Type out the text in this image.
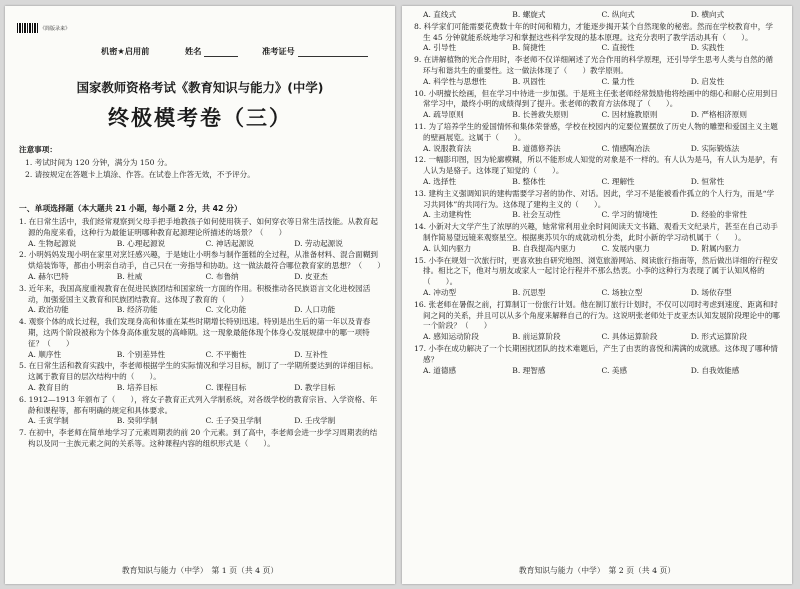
《简版录来》
机密★启用前	姓名	准考证号
国家教师资格考试《教育知识与能力》(中学)
终极模考卷（三）
注意事项：

1. 考试时间为 120 分钟，满分为 150 分。

2. 请按规定在答题卡上填涂、作答。在试卷上作答无效，不予评分。

一、单项选择题（本大题共 21 小题，每小题 2 分，共 42 分）

1. 在日常生活中，我们经常观察到父母手把手地教孩子如何使用筷子、如何穿衣等日常生活技能。从教育起源的角度来看，这种行为最能证明哪种教育起源理论所描述的场景？（　　）

A. 生物起源说	B. 心理起源说	C. 神话起源说	D. 劳动起源说

2. 小明妈妈发现小明在家里对烹饪感兴趣，于是她让小明参与制作蛋糕的全过程，从准备材料、混合面糊到烘焙装饰等，都由小明亲自动手，自己只在一旁指导和协助。这一做法最符合哪位教育家的思想？（　　）

A. 赫尔巴特	B. 杜威	C. 布鲁纳	D. 皮亚杰

3. 近年来，我国高度重视教育在促进民族团结和国家统一方面的作用。积极推动各民族语言文化进校园活动，加强爱国主义教育和民族团结教育。这体现了教育的（　　）

A. 政治功能	B. 经济功能	C. 文化功能	D. 人口功能

4. 观察个体的成长过程，我们发现身高和体重在某些时期增长特别迅速。特别是出生后的第一年以及青春期，这两个阶段被称为个体身高体重发展的高峰期。这一现象最能体现个体身心发展规律中的哪一项特征？（　　）

A. 顺序性	B. 个别差异性	C. 不平衡性	D. 互补性

5. 在日常生活和教育实践中，李老师根据学生的实际情况和学习目标，制订了一学期所要达到的详细目标。这属于教育目的层次结构中的（　　）。

A. 教育目的	B. 培养目标	C. 课程目标	D. 教学目标

6. 1912—1913 年颁布了（　　），将女子教育正式列入学制系统，对各级学校的教育宗旨、入学资格、年龄和课程等，都有明确的规定和具体要求。

A. 壬寅学制	B. 癸卯学制	C. 壬子癸丑学制	D. 壬戌学制

7. 在初中，李老师在简单地学习了元素周期表的前 20 个元素。到了高中，李老师会进一步学习周期表的结构以及同一主族元素之间的关系等。这种课程内容的组织形式是（　　）。

教育知识与能力（中学）　第 1 页（共 4 页）
A. 直线式	B. 螺旋式	C. 纵向式	D. 横向式

8. 科学家们可能需要花费数十年的时间和精力，才能逐步揭开某个自然现象的秘密。然而在学校教育中，学生 45 分钟就能系统地学习和掌握这些科学发现的基本原理。这充分表明了教学活动具有（　　）。

A. 引导性	B. 简捷性	C. 直接性	D. 实践性

9. 在讲解植物的光合作用时，李老师不仅详细阐述了光合作用的科学原理，还引导学生思考人类与自然的循环与和谐共生的重要性。这一做法体现了（　　）教学原则。

A. 科学性与思想性	B. 巩固性	C. 量力性	D. 启发性

10. 小明擅长绘画，但在学习中待进一步加强。于是班主任张老师经常鼓励他将绘画中的细心和耐心应用到日常学习中，最终小明的成绩得到了提升。张老师的教育方法体现了（　　）。

A. 疏导原则	B. 长善救失原则	C. 因材施教原则	D. 严格相济原则

11. 为了培养学生的爱国情怀和集体荣誉感，学校在校园内的定要位置摆放了历史人物的雕塑和爱国主义主题的壁画展览。这属于（　　）。

A. 说服教育法	B. 道德修养法	C. 情感陶冶法	D. 实际锻炼法

12. 一幅影印图，因为轮廓模糊，所以不能形成人知觉的对象是不一样的。有人认为是马，有人认为是驴，有人认为是骆子。这体现了知觉的（　　）。

A. 选择性	B. 整体性	C. 理解性	D. 恒常性

13. 建构主义强调知识的建构需要学习者的协作、对话。因此，学习不是能被看作孤立的个人行为，而是“学习共同体”的共同行为。这体现了建构主义的（　　）。

A. 主动建构性	B. 社会互动性	C. 学习的情境性	D. 经验的非常性

14. 小新对大文学产生了浓厚的兴趣，她常常利用业余时间阅读天文书籍、观看天文纪录片，甚至在自己动手制作简易望远镜来观察星空。根据奥苏贝尔的成就动机分类，此时小新的学习动机属于（　　）。

A. 认知内驱力	B. 自我提高内驱力	C. 发展内驱力	D. 附属内驱力

15. 小李在规划一次旅行时，更喜欢独自研究地图、浏览旅游网站、阅读旅行指南等，然后做出详细的行程安排。相比之下，他对与朋友或家人一起讨论行程并不那么热衷。小李的这种行为表现了属于认知风格的（　　）。

A. 冲动型	B. 沉思型	C. 场独立型	D. 场依存型

16. 张老师在暑假之前，打算制订一份旅行计划。他在制订旅行计划时，不仅可以同时考虑到速度、距离和时间之间的关系，并且可以从多个角度来解释自己的行为。这说明张老师处于皮亚杰认知发展阶段理论中的哪一个阶段？（　　）

A. 感知运动阶段	B. 前运算阶段	C. 具体运算阶段	D. 形式运算阶段

17. 小李在成功解决了一个长期困扰团队的技术难题后，产生了由衷的喜悦和满满的成就感。这体现了哪种情感？

A. 道德感	B. 理智感	C. 美感	D. 自我效能感
教育知识与能力（中学）　第 2 页（共 4 页）
